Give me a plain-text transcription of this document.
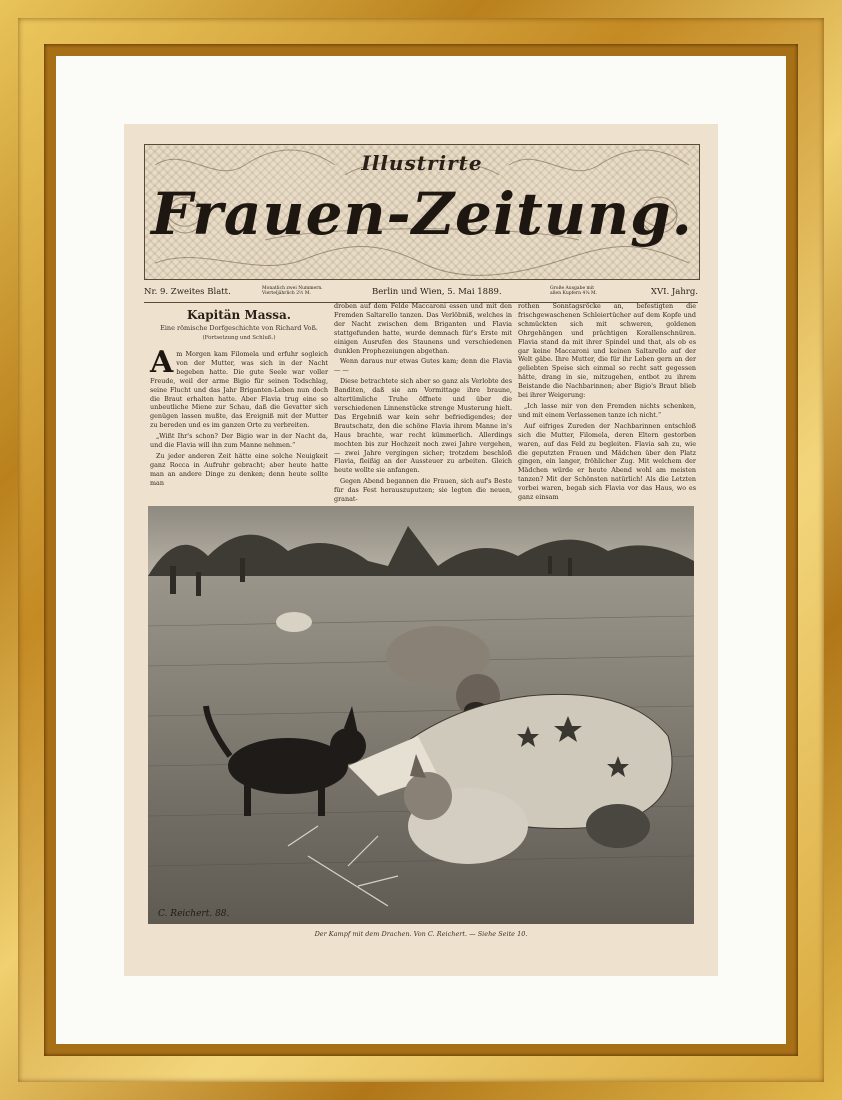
Illustrirte
Frauen-Zeitung.
Nr. 9. Zweites Blatt.	Monatlich zwei Nummern.
Vierteljährlich 2½ M.	Berlin und Wien, 5. Mai 1889.	Große Ausgabe mit
allen Kupfern 4¼ M.	XVI. Jahrg.
Kapitän Massa.
Eine römische Dorfgeschichte von Richard Voß.
(Fortsetzung und Schluß.)

Am Morgen kam Filomela und erfuhr sogleich von der Mutter, was sich in der Nacht begeben hatte. Die gute Seele war voller Freude, weil der arme Bigio für seinen Todschlag, seine Flucht und das Jahr Briganten-Leben nun doch die Braut erhalten hatte. Aber Flavia trug eine so unbeutliche Miene zur Schau, daß die Gevatter sich genügen lassen mußte, das Ereigniß mit der Mutter zu bereden und es im ganzen Orte zu verbreiten.

„Wißt Ihr's schon? Der Bigio war in der Nacht da, und die Flavia will ihn zum Manne nehmen.“

Zu jeder anderen Zeit hätte eine solche Neuigkeit ganz Rocca in Aufruhr gebracht; aber heute hatte man an andere Dinge zu denken; denn heute sollte man

droben auf dem Felde Maccaroni essen und mit den Fremden Saltarello tanzen. Das Verlöbniß, welches in der Nacht zwischen dem Briganten und Flavia stattgefunden hatte, wurde demnach für's Erste mit einigen Ausrufen des Staunens und verschiedenen dunklen Prophezeiungen abgethan.

Wenn daraus nur etwas Gutes kam; denn die Flavia — —

Diese betrachtete sich aber so ganz als Verlobte des Banditen, daß sie am Vormittage ihre braune, altertümliche Truhe öffnete und über die verschiedenen Linnenstücke strenge Musterung hielt. Das Ergebniß war kein sehr befriedigendes; der Brautschatz, den die schöne Flavia ihrem Manne in's Haus brachte, war recht kümmerlich. Allerdings mochten bis zur Hochzeit noch zwei Jahre vergehen, — zwei Jahre vergingen sicher; trotzdem beschloß Flavia, fleißig an der Aussteuer zu arbeiten. Gleich heute wollte sie anfangen.

Gegen Abend begannen die Frauen, sich auf's Beste für das Fest herauszuputzen; sie legten die neuen, granat-

rothen Sonntagsröcke an, befestigten die frischgewaschenen Schleiertücher auf dem Kopfe und schmückten sich mit schweren, goldenen Ohrgehängen und prächtigen Korallenschnüren. Flavia stand da mit ihrer Spindel und that, als ob es gar keine Maccaroni und keinen Saltarello auf der Welt gäbe. Ihre Mutter, die für ihr Leben gern an der geliebten Speise sich einmal so recht satt gegessen hätte, drang in sie, mitzugehen, entbot zu ihrem Beistande die Nachbarinnen; aber Bigio's Braut blieb bei ihrer Weigerung:

„Ich lasse mir von den Fremden nichts schenken, und mit einem Verlassenen tanze ich nicht.“

Auf eifriges Zureden der Nachbarinnen entschloß sich die Mutter, Filomela, deren Eltern gestorben waren, auf das Feld zu begleiten. Flavia sah zu, wie die geputzten Frauen und Mädchen über den Platz gingen, ein langer, fröhlicher Zug. Mit welchem der Mädchen würde er heute Abend wohl am meisten tanzen? Mit der Schönsten natürlich! Als die Letzten vorbei waren, begab sich Flavia vor das Haus, wo es ganz einsam

C. Reichert. 88.
Der Kampf mit dem Drachen. Von C. Reichert. — Siehe Seite 10.
